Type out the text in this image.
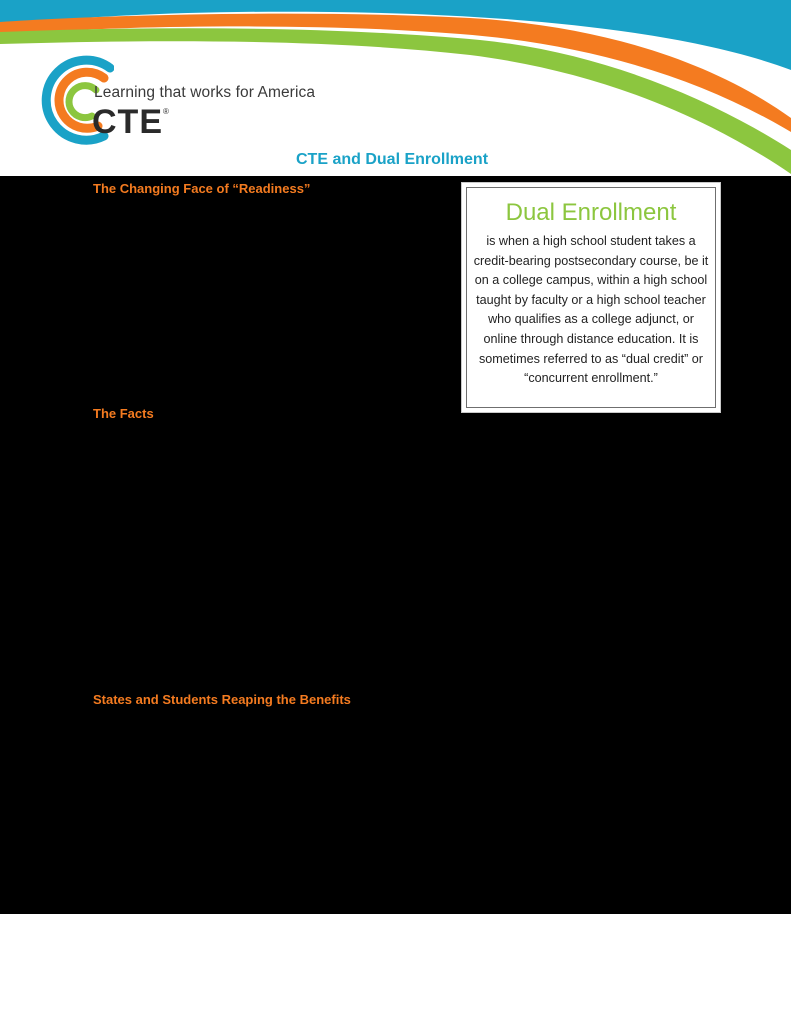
Learning that works for America
CTE®
CTE and Dual Enrollment
The Changing Face of “Readiness”
The Facts
States and Students Reaping the Benefits
Dual Enrollment
is when a high school student takes a credit-bearing postsecondary course, be it on a college campus, within a high school taught by faculty or a high school teacher who qualifies as a college adjunct, or online through distance education. It is sometimes referred to as “dual credit” or “concurrent enrollment.”
